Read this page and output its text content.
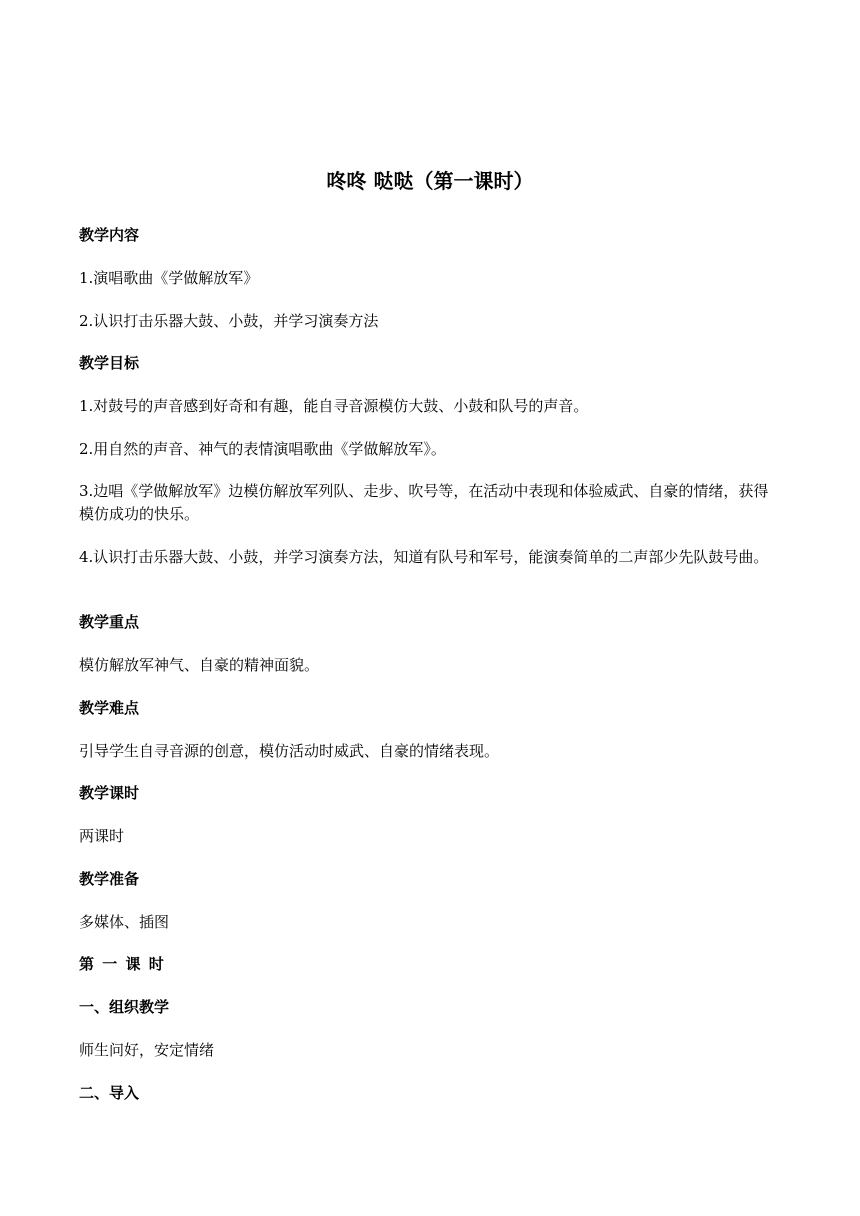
咚咚 哒哒（第一课时）
教学内容
1.演唱歌曲《学做解放军》
2.认识打击乐器大鼓、小鼓，并学习演奏方法
教学目标
1.对鼓号的声音感到好奇和有趣，能自寻音源模仿大鼓、小鼓和队号的声音。
2.用自然的声音、神气的表情演唱歌曲《学做解放军》。
3.边唱《学做解放军》边模仿解放军列队、走步、吹号等，在活动中表现和体验威武、自豪的情绪，获得模仿成功的快乐。
4.认识打击乐器大鼓、小鼓，并学习演奏方法，知道有队号和军号，能演奏简单的二声部少先队鼓号曲。
教学重点
模仿解放军神气、自豪的精神面貌。
教学难点
引导学生自寻音源的创意，模仿活动时威武、自豪的情绪表现。
教学课时
两课时
教学准备
多媒体、插图
第一课时
一、组织教学
师生问好，安定情绪
二、导入
